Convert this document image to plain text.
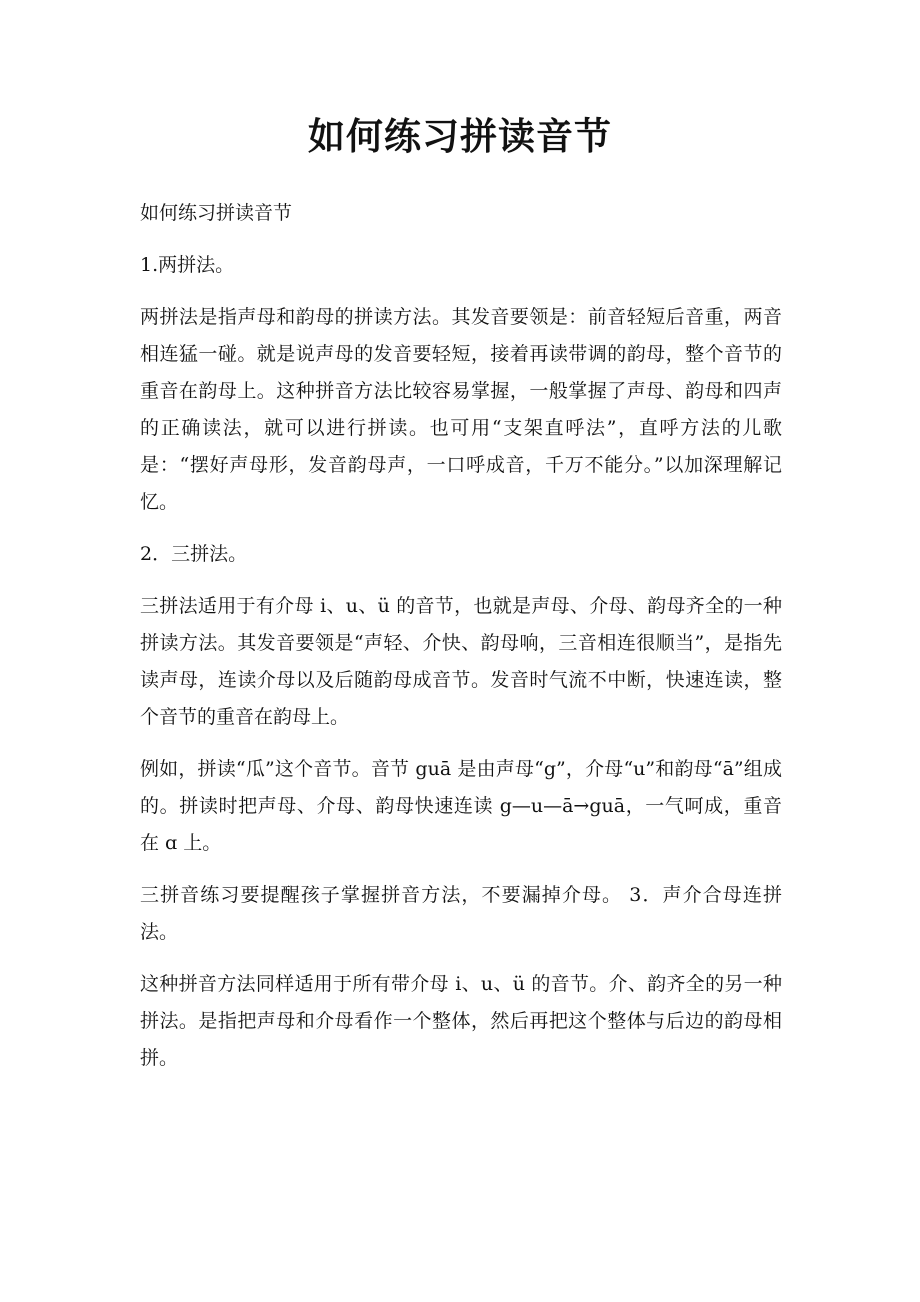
如何练习拼读音节

如何练习拼读音节

1.两拼法。

两拼法是指声母和韵母的拼读方法。其发音要领是：前音轻短后音重，两音相连猛一碰。就是说声母的发音要轻短，接着再读带调的韵母，整个音节的重音在韵母上。这种拼音方法比较容易掌握，一般掌握了声母、韵母和四声的正确读法，就可以进行拼读。也可用“支架直呼法”，直呼方法的儿歌是：“摆好声母形，发音韵母声，一口呼成音，千万不能分。”以加深理解记忆。

2．三拼法。

三拼法适用于有介母 i、u、ü 的音节，也就是声母、介母、韵母齐全的一种拼读方法。其发音要领是“声轻、介快、韵母响，三音相连很顺当”，是指先读声母，连读介母以及后随韵母成音节。发音时气流不中断，快速连读，整个音节的重音在韵母上。

例如，拼读“瓜”这个音节。音节 guā 是由声母“g”，介母“u”和韵母“ā”组成的。拼读时把声母、介母、韵母快速连读 g—u—ā→guā，一气呵成，重音在 ɑ 上。

三拼音练习要提醒孩子掌握拼音方法，不要漏掉介母。 3．声介合母连拼法。

这种拼音方法同样适用于所有带介母 i、u、ü 的音节。介、韵齐全的另一种拼法。是指把声母和介母看作一个整体，然后再把这个整体与后边的韵母相拼。
